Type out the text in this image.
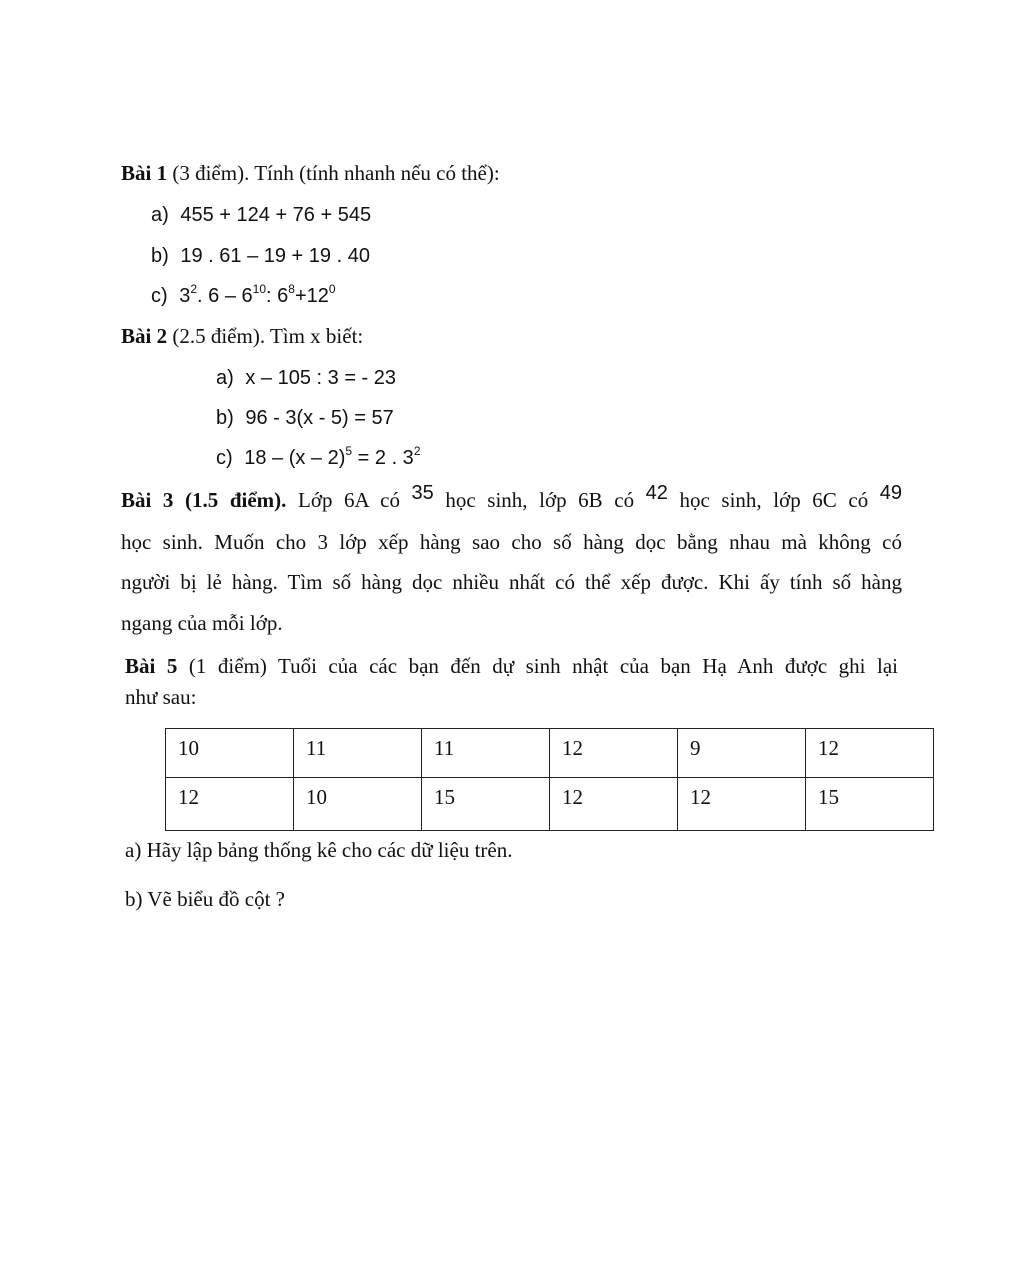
Bài 1 (3 điểm). Tính (tính nhanh nếu có thể):
a) 455 + 124 + 76 + 545
b) 19 . 61 – 19 + 19 . 40
c) $3^2$. $6 - 6^{10}$: $6^8+12^0$
Bài 2 (2.5 điểm). Tìm x biết:
a) x – 105 : 3 = - 23
b) 96 - 3(x - 5) = 57
c) 18 – (x – 2)$^5$ = 2 . $3^2$
Bài 3 (1.5 điểm). Lớp 6A có 35 học sinh, lớp 6B có 42 học sinh, lớp 6C có 49
học sinh. Muốn cho 3 lớp xếp hàng sao cho số hàng dọc bằng nhau mà không có
người bị lẻ hàng. Tìm số hàng dọc nhiều nhất có thể xếp được. Khi ấy tính số hàng
ngang của mỗi lớp.
Bài 5 (1 điểm) Tuổi của các bạn đến dự sinh nhật của bạn Hạ Anh được ghi lại
như sau:
10	11	11	12	9	12
12	10	15	12	12	15
a) Hãy lập bảng thống kê cho các dữ liệu trên.
b) Vẽ biểu đồ cột ?
